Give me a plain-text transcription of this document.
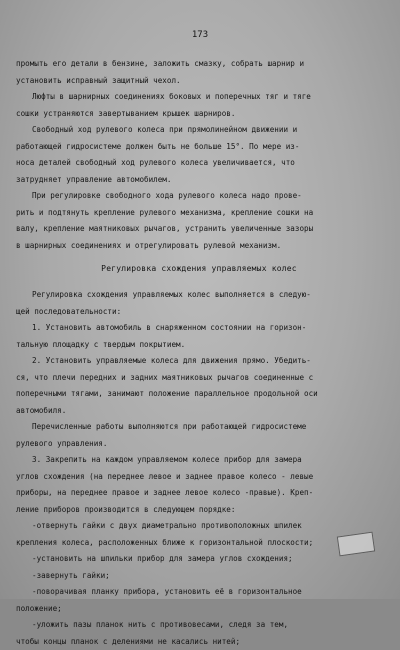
173
промыть его детали в бензине, заложить смазку, собрать шарнир и
установить исправный защитный чехол.
Люфты в шарнирных соединениях боковых и поперечных тяг и тяге
сошки устраняются завертыванием крышек шарниров.
Свободный ход рулевого колеса при прямолинейном движении и
работающей гидросистеме должен быть не больше 15°. По мере из-
носа деталей свободный ход рулевого колеса увеличивается, что
затрудняет управление автомобилем.
При регулировке свободного хода рулевого колеса надо прове-
рить и подтянуть крепление рулевого механизма, крепление сошки на
валу, крепление маятниковых рычагов, устранить увеличенные зазоры
в шарнирных соединениях и отрегулировать рулевой механизм.
Регулировка схождения управляемых колес
Регулировка схождения управляемых колес выполняется в следую-
щей последовательности:
1. Установить автомобиль в снаряженном состоянии на горизон-
тальную площадку с твердым покрытием.
2. Установить управляемые колеса для движения прямо. Убедить-
ся, что плечи передних и задних маятниковых рычагов соединенные с
поперечными тягами, занимают положение параллельное продольной оси
автомобиля.
Перечисленные работы выполняются при работающей гидросистеме
рулевого управления.
3. Закрепить на каждом управляемом колесе прибор для замера
углов схождения (на переднее левое и заднее правое колесо - левые
приборы, на переднее правое и заднее левое колесо -правые). Креп-
ление приборов производится в следующем порядке:
-отвернуть гайки с двух диаметрально противоположных шпилек
крепления колеса, расположенных ближе к горизонтальной плоскости;
-установить на шпильки прибор для замера углов схождения;
-завернуть гайки;
-поворачивая планку прибора, установить её в горизонтальное
положение;
-уложить пазы планок нить с противовесами, следя за тем,
чтобы концы планок с делениями не касались нитей;
